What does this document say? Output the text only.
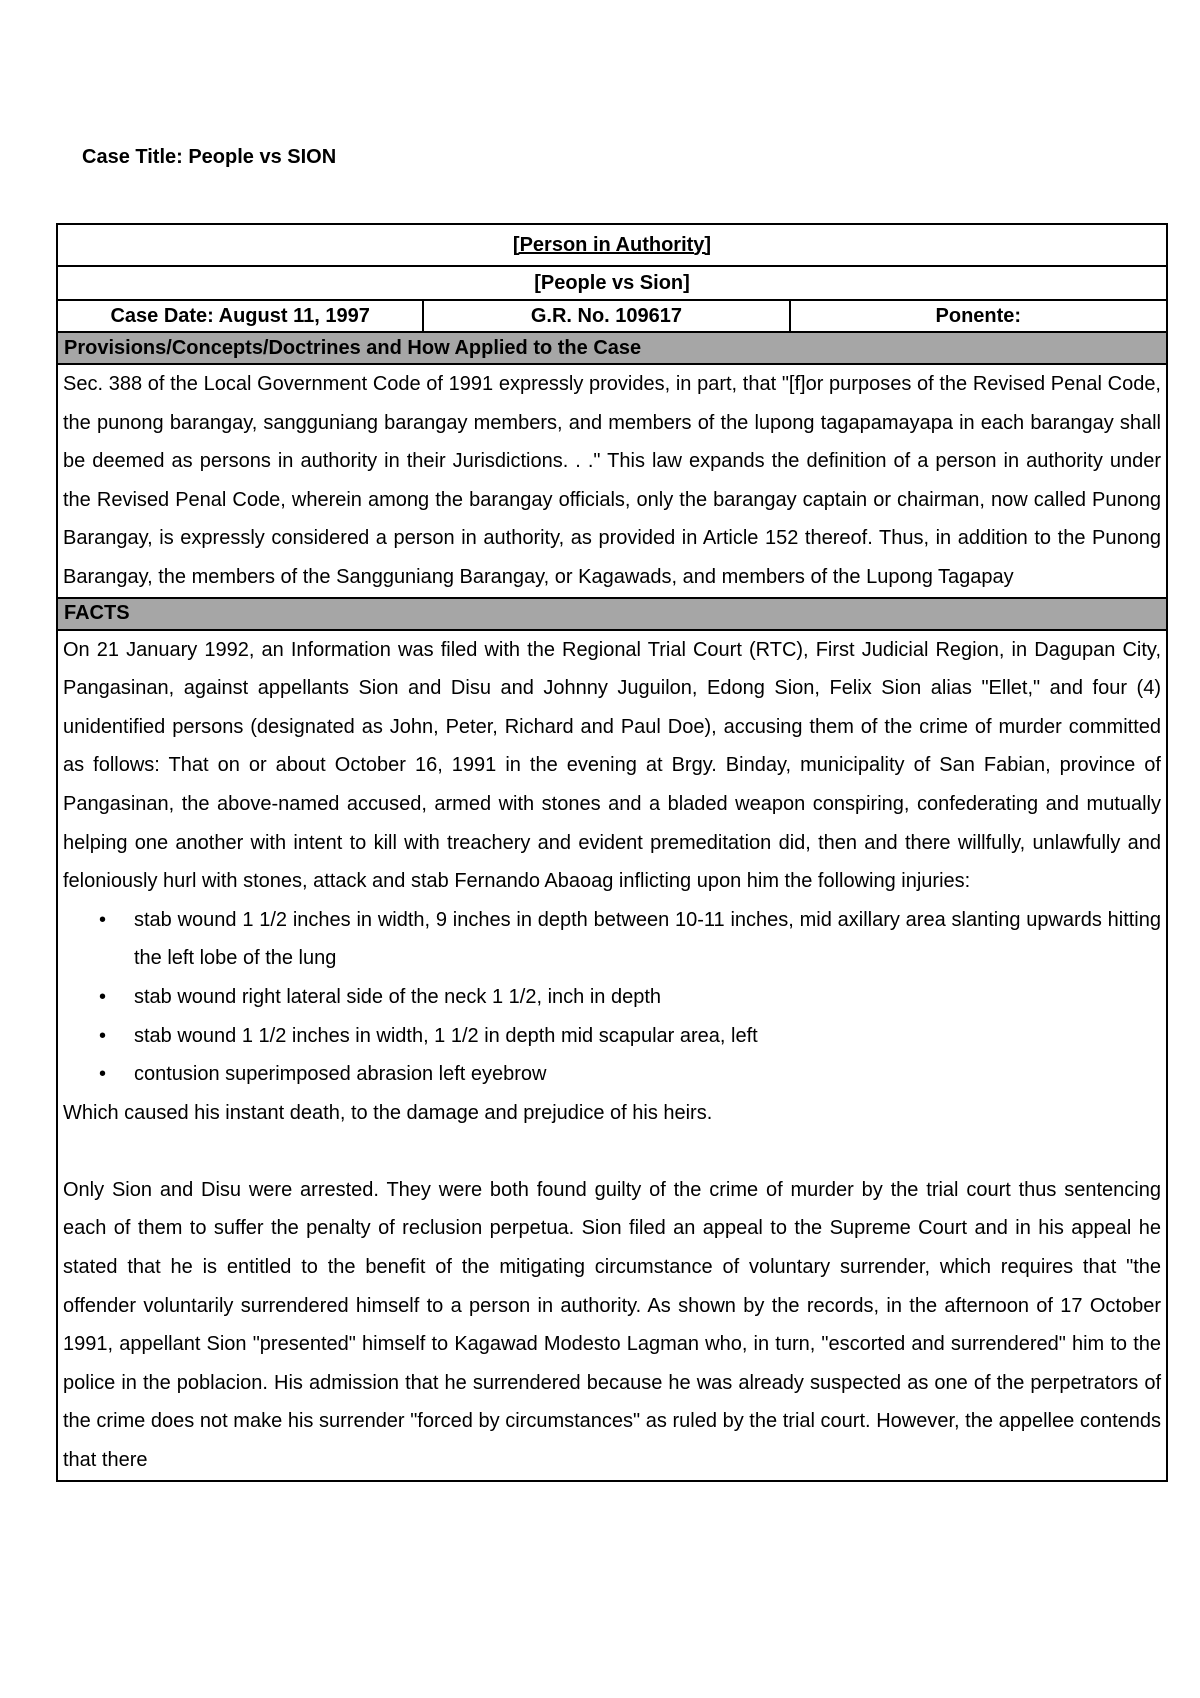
Case Title: People vs SION
[Person in Authority]
[People vs Sion]
Case Date: August 11, 1997	G.R. No. 109617	Ponente:
Provisions/Concepts/Doctrines and How Applied to the Case

Sec. 388 of the Local Government Code of 1991 expressly provides, in part, that "[f]or purposes of the Revised Penal Code, the punong barangay, sangguniang barangay members, and members of the lupong tagapamayapa in each barangay shall be deemed as persons in authority in their Jurisdictions. . ." This law expands the definition of a person in authority under the Revised Penal Code, wherein among the barangay officials, only the barangay captain or chairman, now called Punong Barangay, is expressly considered a person in authority, as provided in Article 152 thereof. Thus, in addition to the Punong Barangay, the members of the Sangguniang Barangay, or Kagawads, and members of the Lupong Tagapay

FACTS

On 21 January 1992, an Information was filed with the Regional Trial Court (RTC), First Judicial Region, in Dagupan City, Pangasinan, against appellants Sion and Disu and Johnny Juguilon, Edong Sion, Felix Sion alias "Ellet," and four (4) unidentified persons (designated as John, Peter, Richard and Paul Doe), accusing them of the crime of murder committed as follows: That on or about October 16, 1991 in the evening at Brgy. Binday, municipality of San Fabian, province of Pangasinan, the above-named accused, armed with stones and a bladed weapon conspiring, confederating and mutually helping one another with intent to kill with treachery and evident premeditation did, then and there willfully, unlawfully and feloniously hurl with stones, attack and stab Fernando Abaoag inflicting upon him the following injuries:

• stab wound 1 1/2 inches in width, 9 inches in depth between 10-11 inches, mid axillary area slanting upwards hitting the left lobe of the lung
• stab wound right lateral side of the neck 1 1/2, inch in depth
• stab wound 1 1/2 inches in width, 1 1/2 in depth mid scapular area, left
• contusion superimposed abrasion left eyebrow

Which caused his instant death, to the damage and prejudice of his heirs.

Only Sion and Disu were arrested. They were both found guilty of the crime of murder by the trial court thus sentencing each of them to suffer the penalty of reclusion perpetua. Sion filed an appeal to the Supreme Court and in his appeal he stated that he is entitled to the benefit of the mitigating circumstance of voluntary surrender, which requires that "the offender voluntarily surrendered himself to a person in authority. As shown by the records, in the afternoon of 17 October 1991, appellant Sion "presented" himself to Kagawad Modesto Lagman who, in turn, "escorted and surrendered" him to the police in the poblacion. His admission that he surrendered because he was already suspected as one of the perpetrators of the crime does not make his surrender "forced by circumstances" as ruled by the trial court. However, the appellee contends that there
